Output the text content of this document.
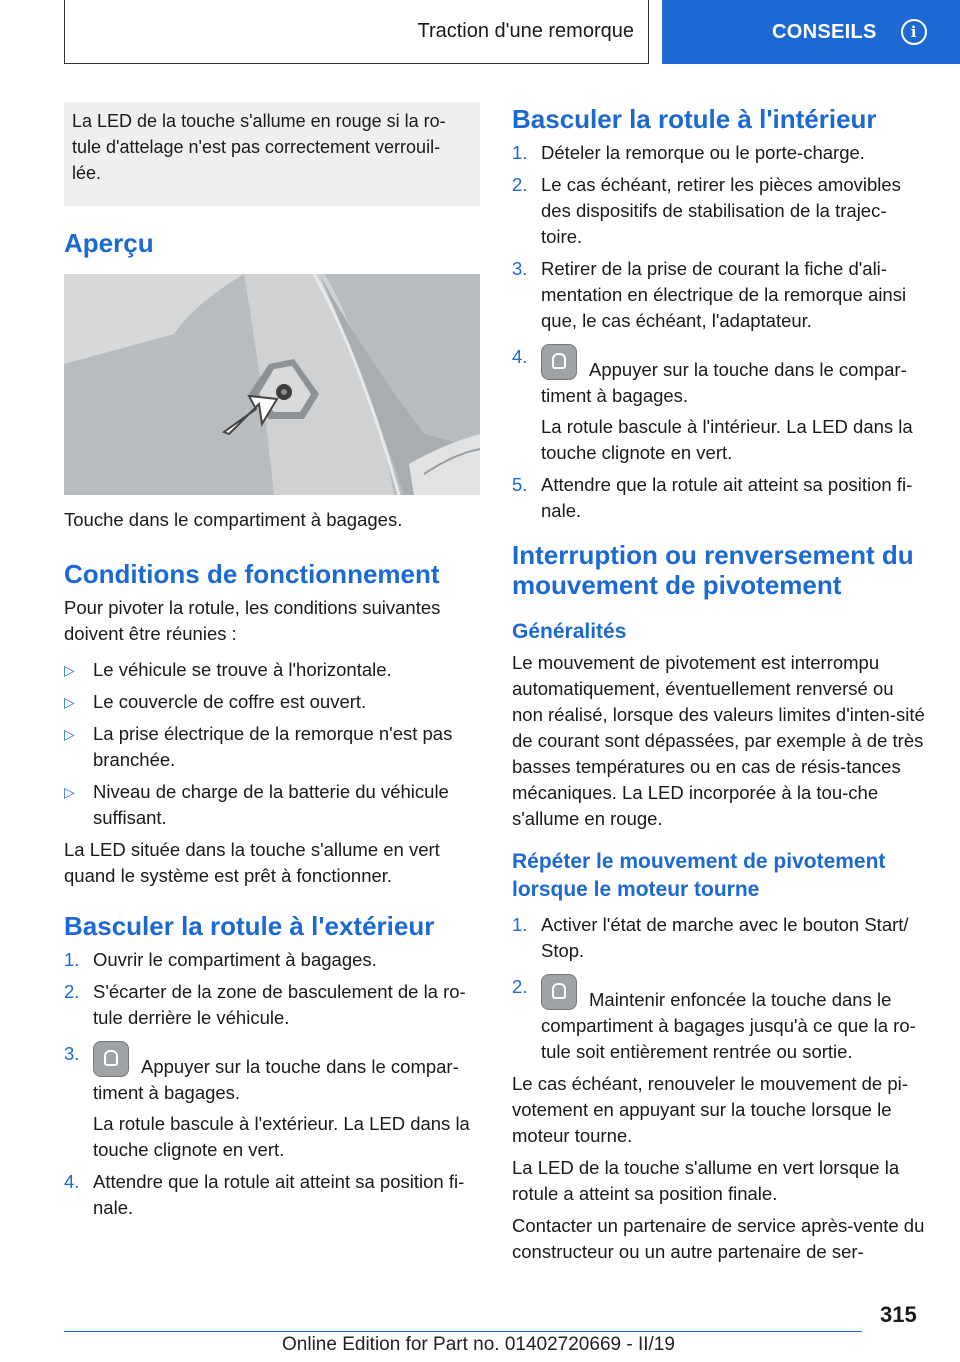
Traction d'une remorque	CONSEILS	i
La LED de la touche s'allume en rouge si la ro-tule d'attelage n'est pas correctement verrouil-lée.
Aperçu

Touche dans le compartiment à bagages.

Conditions de fonctionnement

Pour pivoter la rotule, les conditions suivantes doivent être réunies :

▷ Le véhicule se trouve à l'horizontale.
▷ Le couvercle de coffre est ouvert.
▷ La prise électrique de la remorque n'est pas branchée.
▷ Niveau de charge de la batterie du véhicule suffisant.

La LED située dans la touche s'allume en vert quand le système est prêt à fonctionner.

Basculer la rotule à l'extérieur
1. Ouvrir le compartiment à bagages.
2. S'écarter de la zone de basculement de la ro-tule derrière le véhicule.
3.
Appuyer sur la touche dans le compar-timent à bagages.
La rotule bascule à l'extérieur. La LED dans la touche clignote en vert.
4. Attendre que la rotule ait atteint sa position fi-nale.
Basculer la rotule à l'intérieur
1. Dételer la remorque ou le porte-charge.
2. Le cas échéant, retirer les pièces amovibles des dispositifs de stabilisation de la trajec-toire.
3. Retirer de la prise de courant la fiche d'ali-mentation en électrique de la remorque ainsi que, le cas échéant, l'adaptateur.
4.
Appuyer sur la touche dans le compar-timent à bagages.
La rotule bascule à l'intérieur. La LED dans la touche clignote en vert.
5. Attendre que la rotule ait atteint sa position fi-nale.
Interruption ou renversement du mouvement de pivotement
Généralités

Le mouvement de pivotement est interrompu automatiquement, éventuellement renversé ou non réalisé, lorsque des valeurs limites d'inten-sité de courant sont dépassées, par exemple à de très basses températures ou en cas de résis-tances mécaniques. La LED incorporée à la tou-che s'allume en rouge.

Répéter le mouvement de pivotement lorsque le moteur tourne
1. Activer l'état de marche avec le bouton Start/ Stop.
2.
Maintenir enfoncée la touche dans le compartiment à bagages jusqu'à ce que la ro-tule soit entièrement rentrée ou sortie.

Le cas échéant, renouveler le mouvement de pi-votement en appuyant sur la touche lorsque le moteur tourne.

La LED de la touche s'allume en vert lorsque la rotule a atteint sa position finale.

Contacter un partenaire de service après-vente du constructeur ou un autre partenaire de ser-

315
Online Edition for Part no. 01402720669 - II/19
